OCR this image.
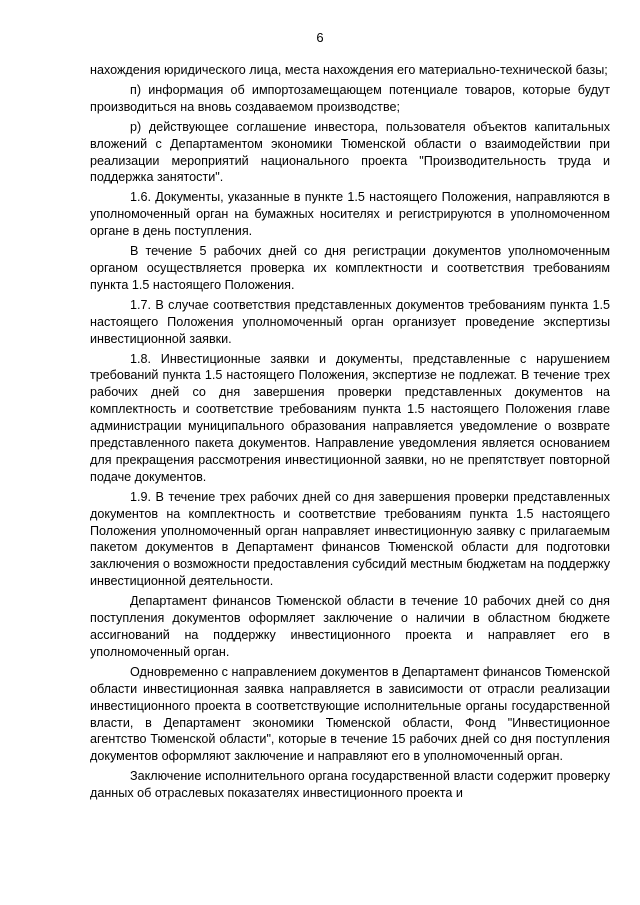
6

нахождения юридического лица, места нахождения его материально-технической базы;

п) информация об импортозамещающем потенциале товаров, которые будут производиться на вновь создаваемом производстве;

р) действующее соглашение инвестора, пользователя объектов капитальных вложений с Департаментом экономики Тюменской области о взаимодействии при реализации мероприятий национального проекта "Производительность труда и поддержка занятости".

1.6. Документы, указанные в пункте 1.5 настоящего Положения, направляются в уполномоченный орган на бумажных носителях и регистрируются в уполномоченном органе в день поступления.

В течение 5 рабочих дней со дня регистрации документов уполномоченным органом осуществляется проверка их комплектности и соответствия требованиям пункта 1.5 настоящего Положения.

1.7. В случае соответствия представленных документов требованиям пункта 1.5 настоящего Положения уполномоченный орган организует проведение экспертизы инвестиционной заявки.

1.8. Инвестиционные заявки и документы, представленные с нарушением требований пункта 1.5 настоящего Положения, экспертизе не подлежат. В течение трех рабочих дней со дня завершения проверки представленных документов на комплектность и соответствие требованиям пункта 1.5 настоящего Положения главе администрации муниципального образования направляется уведомление о возврате представленного пакета документов. Направление уведомления является основанием для прекращения рассмотрения инвестиционной заявки, но не препятствует повторной подаче документов.

1.9. В течение трех рабочих дней со дня завершения проверки представленных документов на комплектность и соответствие требованиям пункта 1.5 настоящего Положения уполномоченный орган направляет инвестиционную заявку с прилагаемым пакетом документов в Департамент финансов Тюменской области для подготовки заключения о возможности предоставления субсидий местным бюджетам на поддержку инвестиционной деятельности.

Департамент финансов Тюменской области в течение 10 рабочих дней со дня поступления документов оформляет заключение о наличии в областном бюджете ассигнований на поддержку инвестиционного проекта и направляет его в уполномоченный орган.

Одновременно с направлением документов в Департамент финансов Тюменской области инвестиционная заявка направляется в зависимости от отрасли реализации инвестиционного проекта в соответствующие исполнительные органы государственной власти, в Департамент экономики Тюменской области, Фонд "Инвестиционное агентство Тюменской области", которые в течение 15 рабочих дней со дня поступления документов оформляют заключение и направляют его в уполномоченный орган.

Заключение исполнительного органа государственной власти содержит проверку данных об отраслевых показателях инвестиционного проекта и
